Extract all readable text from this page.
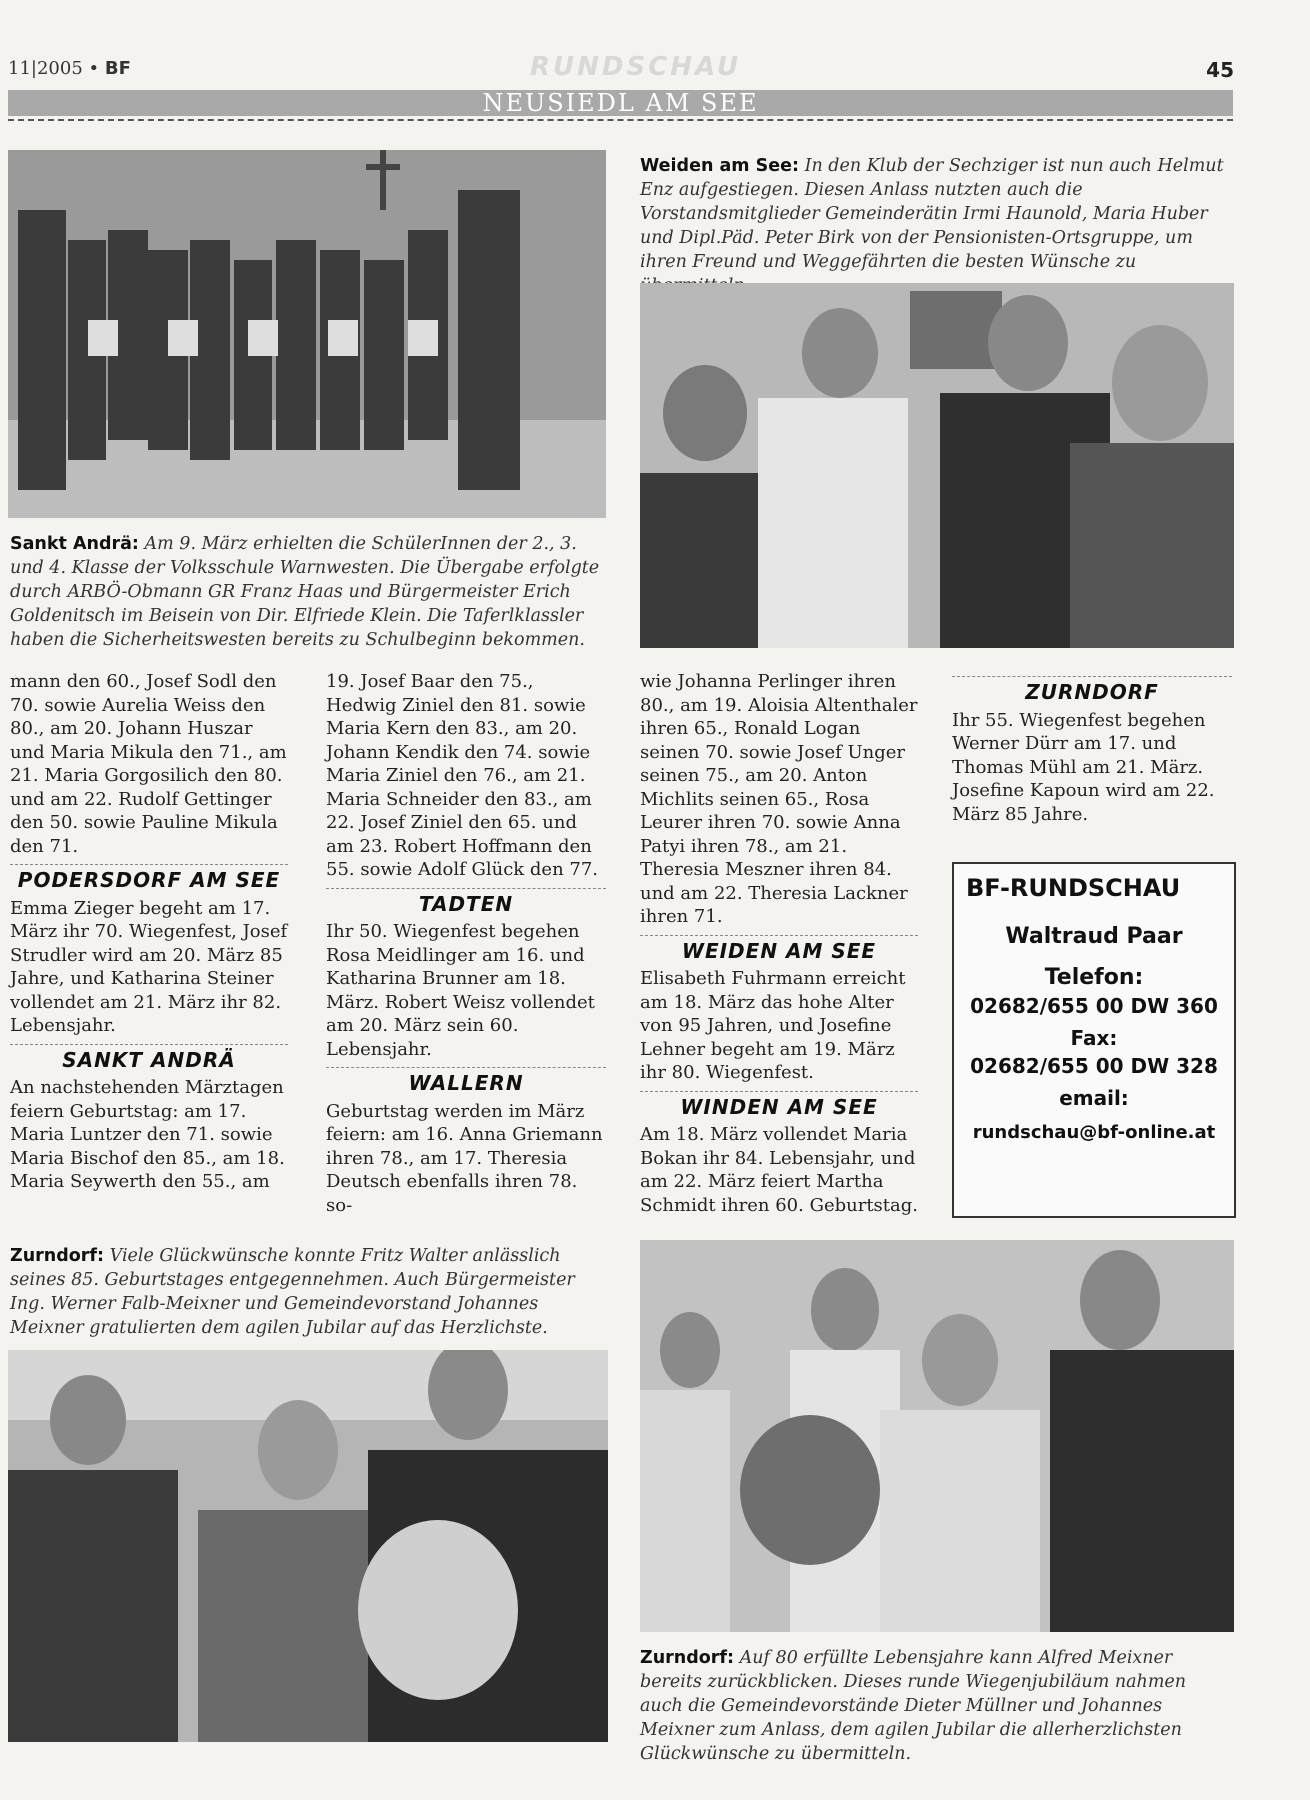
11|2005 • BF	RUNDSCHAU	45
NEUSIEDL AM SEE
Sankt Andrä: Am 9. März erhielten die SchülerInnen der 2., 3. und 4. Klasse der Volksschule Warnwesten. Die Übergabe erfolgte durch ARBÖ-Obmann GR Franz Haas und Bürgermeister Erich Goldenitsch im Beisein von Dir. Elfriede Klein. Die Taferlklassler haben die Sicherheitswesten bereits zu Schulbeginn bekommen.
Weiden am See: In den Klub der Sechziger ist nun auch Helmut Enz aufgestiegen. Diesen Anlass nutzten auch die Vorstandsmitglieder Gemeinderätin Irmi Haunold, Maria Huber und Dipl.Päd. Peter Birk von der Pensionisten-Ortsgruppe, um ihren Freund und Weggefährten die besten Wünsche zu

mann den 60., Josef Sodl den 70. sowie Aurelia Weiss den 80., am 20. Johann Huszar und Maria Mikula den 71., am 21. Maria Gorgosilich den 80. und am 22. Rudolf Gettinger den 50. sowie Pauline Mikula den 71.

PODERSDORF AM SEE

Emma Zieger begeht am 17. März ihr 70. Wiegenfest, Josef Strudler wird am 20. März 85 Jahre, und Katharina Steiner vollendet am 21. März ihr 82. Lebensjahr.

SANKT ANDRÄ

An nachstehenden Märztagen feiern Geburtstag: am 17. Maria Luntzer den 71. sowie Maria Bischof den 85., am 18. Maria Seywerth den 55., am

19. Josef Baar den 75., Hedwig Ziniel den 81. sowie Maria Kern den 83., am 20. Johann Kendik den 74. sowie Maria Ziniel den 76., am 21. Maria Schneider den 83., am 22. Josef Ziniel den 65. und am 23. Robert Hoffmann den 55. sowie Adolf Glück den 77.

TADTEN

Ihr 50. Wiegenfest begehen Rosa Meidlinger am 16. und Katharina Brunner am 18. März. Robert Weisz vollendet am 20. März sein 60. Lebensjahr.

WALLERN

Geburtstag werden im März feiern: am 16. Anna Griemann ihren 78., am 17. Theresia Deutsch ebenfalls ihren 78. so-

wie Johanna Perlinger ihren 80., am 19. Aloisia Altenthaler ihren 65., Ronald Logan seinen 70. sowie Josef Unger seinen 75., am 20. Anton Michlits seinen 65., Rosa Leurer ihren 70. sowie Anna Patyi ihren 78., am 21. Theresia Meszner ihren 84. und am 22. Theresia Lackner ihren 71.

WEIDEN AM SEE

Elisabeth Fuhrmann erreicht am 18. März das hohe Alter von 95 Jahren, und Josefine Lehner begeht am 19. März ihr 80. Wiegenfest.

WINDEN AM SEE

Am 18. März vollendet Maria Bokan ihr 84. Lebensjahr, und am 22. März feiert Martha Schmidt ihren 60. Geburtstag.

ZURNDORF

Ihr 55. Wiegenfest begehen Werner Dürr am 17. und Thomas Mühl am 21. März. Josefine Kapoun wird am 22. März 85 Jahre.

BF-RUNDSCHAU
Waltraud Paar
Telefon:
02682/655 00 DW 360
Fax:
02682/655 00 DW 328
email:
rundschau@bf-online.at
Zurndorf: Viele Glückwünsche konnte Fritz Walter anlässlich seines 85. Geburtstages entgegennehmen. Auch Bürgermeister Ing. Werner Falb-Meixner und Gemeindevorstand Johannes Meixner gratulierten dem agilen Jubilar auf das Herzlichste.
Zurndorf: Auf 80 erfüllte Lebensjahre kann Alfred Meixner bereits zurückblicken. Dieses runde Wiegenjubiläum nahmen auch die Gemeindevorstände Dieter Müllner und Johannes Meixner zum Anlass, dem agilen Jubilar die allerherzlichsten Glückwünsche zu übermitteln.
